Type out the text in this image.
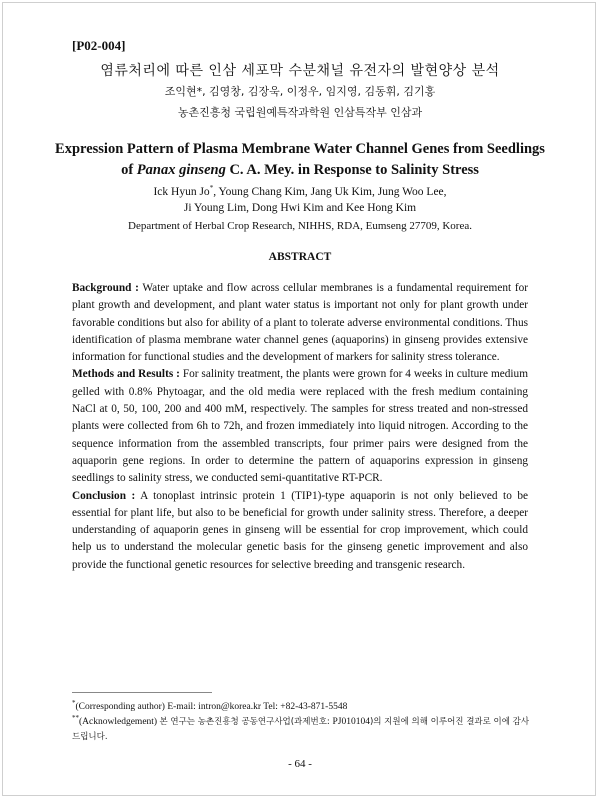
[P02-004]
염류처리에 따른 인삼 세포막 수분채널 유전자의 발현양상 분석
조익현*, 김영창, 김장욱, 이정우, 임지영, 김동휘, 김기홍
농촌진흥청 국립원예특작과학원 인삼특작부 인삼과
Expression Pattern of Plasma Membrane Water Channel Genes from Seedlings
of Panax ginseng C. A. Mey. in Response to Salinity Stress
Ick Hyun Jo*, Young Chang Kim, Jang Uk Kim, Jung Woo Lee,
Ji Young Lim, Dong Hwi Kim and Kee Hong Kim
Department of Herbal Crop Research, NIHHS, RDA, Eumseng 27709, Korea.
ABSTRACT

Background : Water uptake and flow across cellular membranes is a fundamental requirement for plant growth and development, and plant water status is important not only for plant growth under favorable conditions but also for ability of a plant to tolerate adverse environmental conditions. Thus identification of plasma membrane water channel genes (aquaporins) in ginseng provides extensive information for functional studies and the development of markers for salinity stress tolerance.

Methods and Results : For salinity treatment, the plants were grown for 4 weeks in culture medium gelled with 0.8% Phytoagar, and the old media were replaced with the fresh medium containing NaCl at 0, 50, 100, 200 and 400 mM, respectively. The samples for stress treated and non-stressed plants were collected from 6h to 72h, and frozen immediately into liquid nitrogen. According to the sequence information from the assembled transcripts, four primer pairs were designed from the aquaporin gene regions. In order to determine the pattern of aquaporins expression in ginseng seedlings to salinity stress, we conducted semi-quantitative RT-PCR.

Conclusion : A tonoplast intrinsic protein 1 (TIP1)-type aquaporin is not only believed to be essential for plant life, but also to be beneficial for growth under salinity stress. Therefore, a deeper understanding of aquaporin genes in ginseng will be essential for crop improvement, which could help us to understand the molecular genetic basis for the ginseng genetic improvement and also provide the functional genetic resources for selective breeding and transgenic research.

*(Corresponding author) E-mail: intron@korea.kr Tel: +82-43-871-5548
**(Acknowledgement) 본 연구는 농촌진흥청 공동연구사업(과제번호: PJ010104)의 지원에 의해 이루어진 결과로 이에 감사드립니다.
- 64 -
